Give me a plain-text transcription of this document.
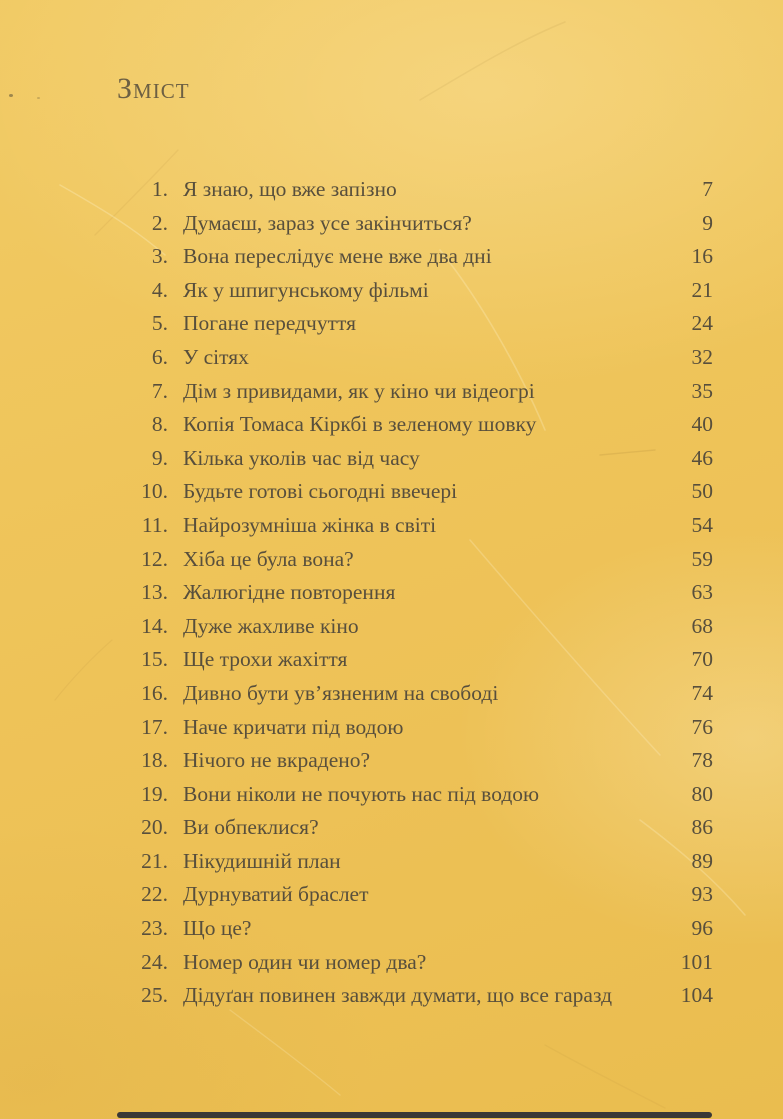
Зміст
1. Я знаю, що вже запізно	7
2. Думаєш, зараз усе закінчиться?	9
3. Вона переслідує мене вже два дні	16
4. Як у шпигунському фільмі	21
5. Погане передчуття	24
6. У сітях	32
7. Дім з привидами, як у кіно чи відеогрі	35
8. Копія Томаса Кіркбі в зеленому шовку	40
9. Кілька уколів час від часу	46
10. Будьте готові сьогодні ввечері	50
11. Найрозумніша жінка в світі	54
12. Хіба це була вона?	59
13. Жалюгідне повторення	63
14. Дуже жахливе кіно	68
15. Ще трохи жахіття	70
16. Дивно бути ув’язненим на свободі	74
17. Наче кричати під водою	76
18. Нічого не вкрадено?	78
19. Вони ніколи не почують нас під водою	80
20. Ви обпеклися?	86
21. Нікудишній план	89
22. Дурнуватий браслет	93
23. Що це?	96
24. Номер один чи номер два?	101
25. Дідуґан повинен завжди думати, що все гаразд	104
